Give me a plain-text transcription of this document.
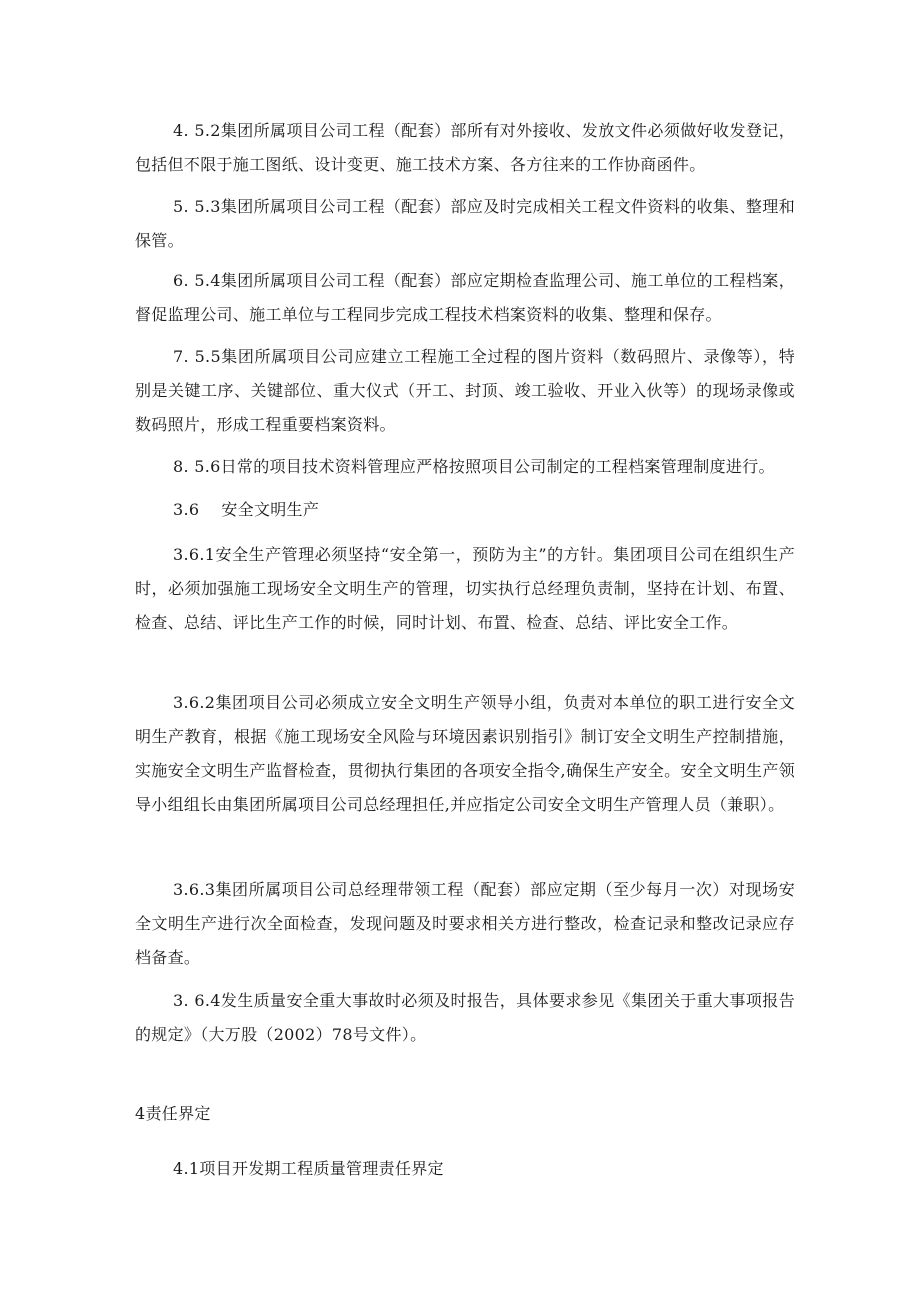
4. 5.2集团所属项目公司工程（配套）部所有对外接收、发放文件必须做好收发登记，包括但不限于施工图纸、设计变更、施工技术方案、各方往来的工作协商函件。

5. 5.3集团所属项目公司工程（配套）部应及时完成相关工程文件资料的收集、整理和保管。

6. 5.4集团所属项目公司工程（配套）部应定期检查监理公司、施工单位的工程档案，督促监理公司、施工单位与工程同步完成工程技术档案资料的收集、整理和保存。

7. 5.5集团所属项目公司应建立工程施工全过程的图片资料（数码照片、录像等），特别是关键工序、关键部位、重大仪式（开工、封顶、竣工验收、开业入伙等）的现场录像或数码照片，形成工程重要档案资料。

8. 5.6日常的项目技术资料管理应严格按照项目公司制定的工程档案管理制度进行。

3.6 安全文明生产

3.6.1安全生产管理必须坚持“安全第一，预防为主”的方针。集团项目公司在组织生产时，必须加强施工现场安全文明生产的管理，切实执行总经理负责制，坚持在计划、布置、检查、总结、评比生产工作的时候，同时计划、布置、检查、总结、评比安全工作。

3.6.2集团项目公司必须成立安全文明生产领导小组，负责对本单位的职工进行安全文明生产教育，根据《施工现场安全风险与环境因素识别指引》制订安全文明生产控制措施，实施安全文明生产监督检查，贯彻执行集团的各项安全指令,确保生产安全。安全文明生产领导小组组长由集团所属项目公司总经理担任,并应指定公司安全文明生产管理人员（兼职）。

3.6.3集团所属项目公司总经理带领工程（配套）部应定期（至少每月一次）对现场安全文明生产进行次全面检查，发现问题及时要求相关方进行整改，检查记录和整改记录应存档备查。

3. 6.4发生质量安全重大事故时必须及时报告，具体要求参见《集团关于重大事项报告的规定》（大万股（2002）78号文件）。

4责任界定
4.1项目开发期工程质量管理责任界定
